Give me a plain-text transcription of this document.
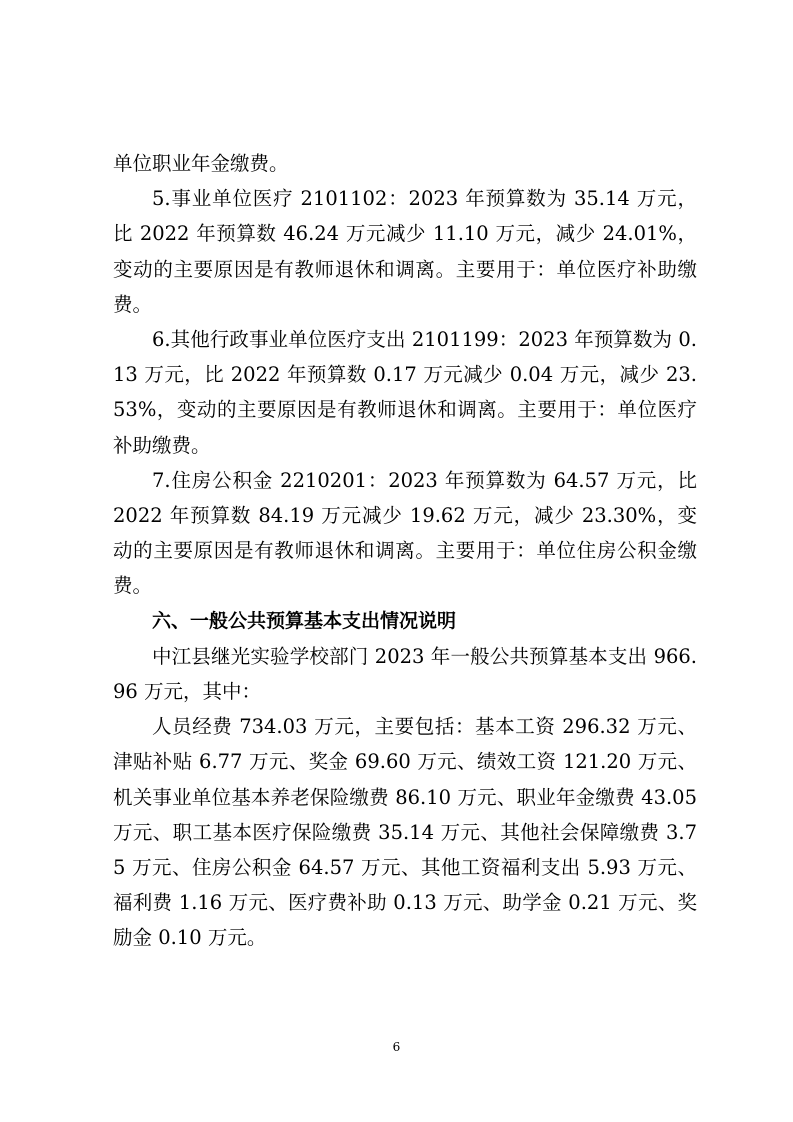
单位职业年金缴费。

5.事业单位医疗 2101102：2023 年预算数为 35.14 万元，比 2022 年预算数 46.24 万元减少 11.10 万元，减少 24.01%，变动的主要原因是有教师退休和调离。主要用于：单位医疗补助缴费。

6.其他行政事业单位医疗支出 2101199：2023 年预算数为 0.13 万元，比 2022 年预算数 0.17 万元减少 0.04 万元，减少 23.53%，变动的主要原因是有教师退休和调离。主要用于：单位医疗补助缴费。

7.住房公积金 2210201：2023 年预算数为 64.57 万元，比 2022 年预算数 84.19 万元减少 19.62 万元，减少 23.30%，变动的主要原因是有教师退休和调离。主要用于：单位住房公积金缴费。

六、一般公共预算基本支出情况说明

中江县继光实验学校部门 2023 年一般公共预算基本支出 966.96 万元，其中：

人员经费 734.03 万元，主要包括：基本工资 296.32 万元、津贴补贴 6.77 万元、奖金 69.60 万元、绩效工资 121.20 万元、机关事业单位基本养老保险缴费 86.10 万元、职业年金缴费 43.05 万元、职工基本医疗保险缴费 35.14 万元、其他社会保障缴费 3.75 万元、住房公积金 64.57 万元、其他工资福利支出 5.93 万元、福利费 1.16 万元、医疗费补助 0.13 万元、助学金 0.21 万元、奖励金 0.10 万元。

6
